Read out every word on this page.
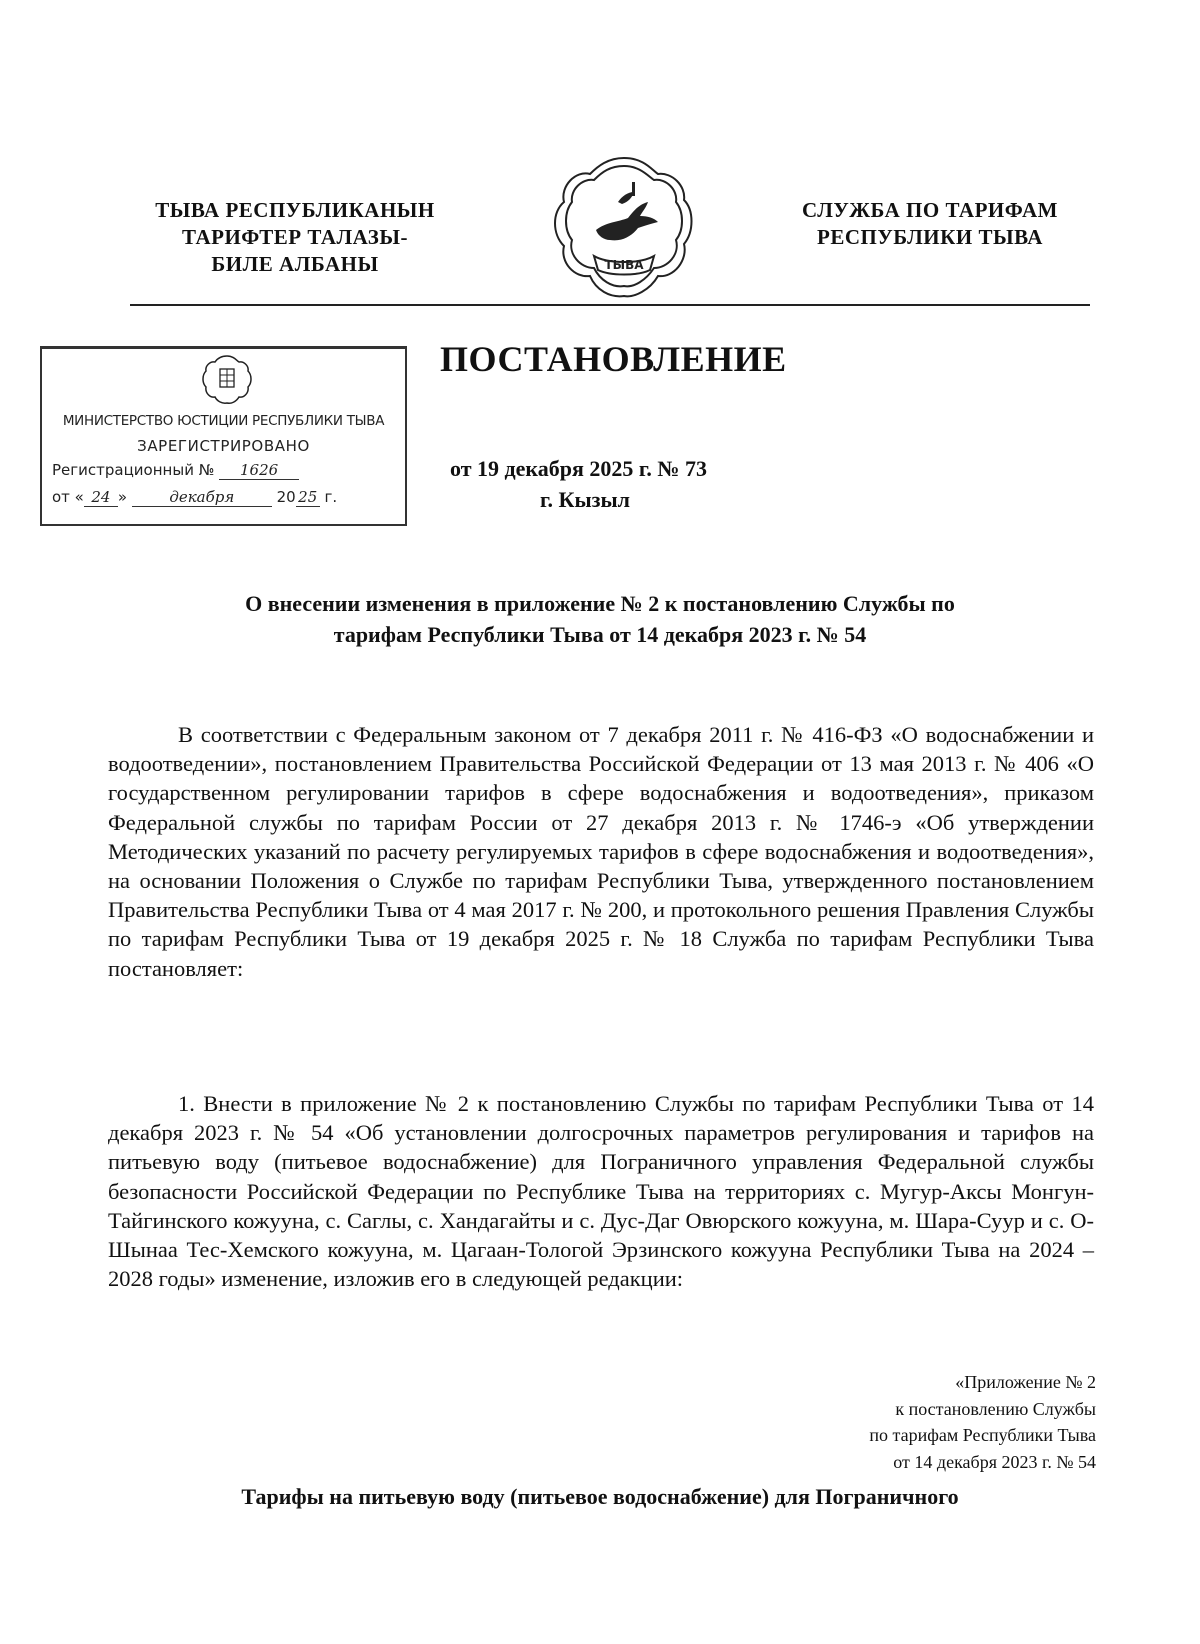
ТЫВА РЕСПУБЛИКАНЫН
ТАРИФТЕР ТАЛАЗЫ-
БИЛЕ АЛБАНЫ	ТЫВА
СЛУЖБА ПО ТАРИФАМ
РЕСПУБЛИКИ ТЫВА
МИНИСТЕРСТВО ЮСТИЦИИ РЕСПУБЛИКИ ТЫВА
ЗАРЕГИСТРИРОВАНО
Регистрационный № 1626
от « 24 »	декабря	20 25 г.
ПОСТАНОВЛЕНИЕ
от 19 декабря 2025 г. № 73
г. Кызыл
О внесении изменения в приложение № 2 к постановлению Службы по
тарифам Республики Тыва от 14 декабря 2023 г. № 54

В соответствии с Федеральным законом от 7 декабря 2011 г. № 416-ФЗ «О водоснабжении и водоотведении», постановлением Правительства Российской Федерации от 13 мая 2013 г. № 406 «О государственном регулировании тарифов в сфере водоснабжения и водоотведения», приказом Федеральной службы по тарифам России от 27 декабря 2013 г. № 1746-э «Об утверждении Методических указаний по расчету регулируемых тарифов в сфере водоснабжения и водоотведения», на основании Положения о Службе по тарифам Республики Тыва, утвержденного постановлением Правительства Республики Тыва от 4 мая 2017 г. № 200, и протокольного решения Правления Службы по тарифам Республики Тыва от 19 декабря 2025 г. № 18 Служба по тарифам Республики Тыва постановляет:

1. Внести в приложение № 2 к постановлению Службы по тарифам Республики Тыва от 14 декабря 2023 г. № 54 «Об установлении долгосрочных параметров регулирования и тарифов на питьевую воду (питьевое водоснабжение) для Пограничного управления Федеральной службы безопасности Российской Федерации по Республике Тыва на территориях с. Мугур-Аксы Монгун-Тайгинского кожууна, с. Саглы, с. Хандагайты и с. Дус-Даг Овюрского кожууна, м. Шара-Суур и с. О-Шынаа Тес-Хемского кожууна, м. Цагаан-Тологой Эрзинского кожууна Республики Тыва на 2024 – 2028 годы» изменение, изложив его в следующей редакции:

«Приложение № 2
к постановлению Службы
по тарифам Республики Тыва
от 14 декабря 2023 г. № 54
Тарифы на питьевую воду (питьевое водоснабжение) для Пограничного
